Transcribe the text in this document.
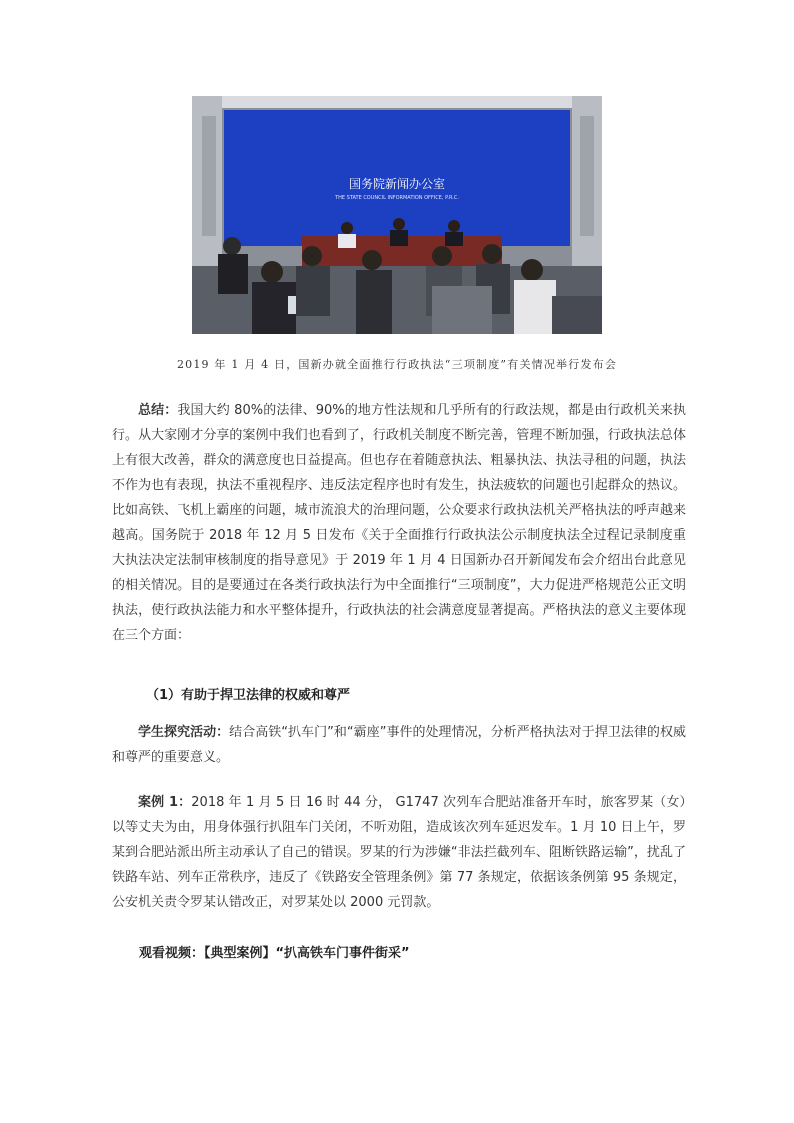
国务院新闻办公室
THE STATE COUNCIL INFORMATION OFFICE, P.R.C.
2019 年 1 月 4 日，国新办就全面推行行政执法“三项制度”有关情况举行发布会

总结：我国大约 80%的法律、90%的地方性法规和几乎所有的行政法规，都是由行政机关来执行。从大家刚才分享的案例中我们也看到了，行政机关制度不断完善，管理不断加强，行政执法总体上有很大改善，群众的满意度也日益提高。但也存在着随意执法、粗暴执法、执法寻租的问题，执法不作为也有表现，执法不重视程序、违反法定程序也时有发生，执法疲软的问题也引起群众的热议。比如高铁、飞机上霸座的问题，城市流浪犬的治理问题，公众要求行政执法机关严格执法的呼声越来越高。国务院于 2018 年 12 月 5 日发布《关于全面推行行政执法公示制度执法全过程记录制度重大执法决定法制审核制度的指导意见》于 2019 年 1 月 4 日国新办召开新闻发布会介绍出台此意见的相关情况。目的是要通过在各类行政执法行为中全面推行“三项制度”，大力促进严格规范公正文明执法，使行政执法能力和水平整体提升，行政执法的社会满意度显著提高。严格执法的意义主要体现在三个方面：

（1）有助于捍卫法律的权威和尊严

学生探究活动：结合高铁“扒车门”和“霸座”事件的处理情况，分析严格执法对于捍卫法律的权威和尊严的重要意义。

案例 1：2018 年 1 月 5 日 16 时 44 分， G1747 次列车合肥站准备开车时，旅客罗某（女）以等丈夫为由，用身体强行扒阻车门关闭，不听劝阻，造成该次列车延迟发车。1 月 10 日上午，罗某到合肥站派出所主动承认了自己的错误。罗某的行为涉嫌“非法拦截列车、阻断铁路运输”，扰乱了铁路车站、列车正常秩序，违反了《铁路安全管理条例》第 77 条规定，依据该条例第 95 条规定，公安机关责令罗某认错改正，对罗某处以 2000 元罚款。

观看视频：【典型案例】“扒高铁车门事件街采”
